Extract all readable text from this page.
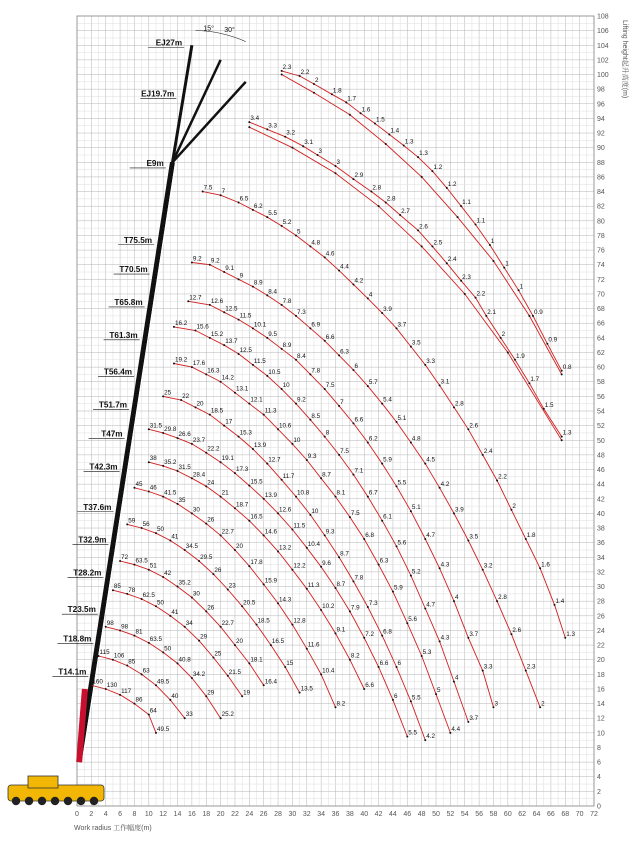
0 2 4 6 8 10 12 14 16 18 20 22 24 26 28 30 32 34 36 38 40 42 44 46 48 50 52 54 56 58 60 62 64 66 68 70 72
0
2
4
6
8
10
12
14
16
18
20
22
24
26
28
30
32
34
36
38
40
42
44
46
48
50
52
54
56
58
60
62
64
66
68
70
72
74
76
78
80
82
84
86
88
90
92
94
96
98
100
102
104
106
108
15° 30°
2.3
2.2
2
1.8
1.7
1.6
1.5
1.4
1.3
1.3
1.2
1.2
1.1
1.1
1
1
1
0.9
0.9
0.8
3.4
3.3
3.2
3.1
3
3
2.9
2.8
2.8
2.7
2.6
2.5
2.4
2.3
2.2
2.1
2
1.9
1.7
1.5
1.3
7.5
7
6.5
6.2
5.5
5.2
5
4.8
4.6
4.4
4.2
4
3.9
3.7
3.5
3.3
3.1
2.8
2.6
2.4
2.2
2
1.8
1.6
1.4
1.3
9.2 9.2
9.1
9
8.9
8.4
7.8
7.3
6.9
6.6
6.3
6
5.7
5.4
5.1
4.8
4.5
4.2
3.9
3.5
3.2
2.8
2.6
2.3
2
12.7
12.6
12.5
11.5
10.1
9.5
8.9
8.4
7.8
7.5
7
6.6
6.2
5.9
5.5
5.1
4.7
4.3
4
3.7
3.3
3
16.2
15.6
15.2
13.7
12.5
11.5
10.5
10
9.2
8.5
8
7.5
7.1
6.7
6.1
5.6
5.2
4.7
4.3
4
3.7
19.2
17.6
16.3
14.2
13.1
12.1
11.3
10.6
10
9.3
8.7
8.1
7.5
6.8
6.3
5.9
5.6
5.3
5
4.4
25
22
20
18.5
17
15.3
13.9
12.7
11.7
10.8
10
9.3
8.7
7.8
7.3
6.8
6
5.5
4.2
31.5
29.8
26.6
23.7
22.2
19.1
17.3
15.5
13.9
12.6
11.5
10.4
9.6
8.7
7.9
7.2
6.6
6
5.5
38
35.2
31.5
28.4
24
21
18.7
16.5
14.6
13.2
12.2
11.3
10.2
9.1
8.2
6.6
45
46
41.5
35
30
26
22.7
20
17.8
15.9
14.3
12.8
11.6
10.4
8.2
59
56
50
41
34.5
29.5
26
23
20.5
18.5
16.5
15
13.5
72
63.5
51
42
35.2
30
26
22.7
20
18.1
16.4
85
78
62.5
50
41
34
29
25
21.5
19
98
98
81
63.5
50
40.8
34.2
29
25.2
115
106
85
63
49.5
40
33
160
130
117
86
64
49.5
EJ27m
EJ19.7m
E9m
T75.5m
T70.5m
T65.8m
T61.3m
T56.4m
T51.7m
T47m
T42.3m
T37.6m
T32.9m
T28.2m
T23.5m
T18.8m
T14.1m
Work radius 工作幅度(m)
Lifting height起升高度(m)
